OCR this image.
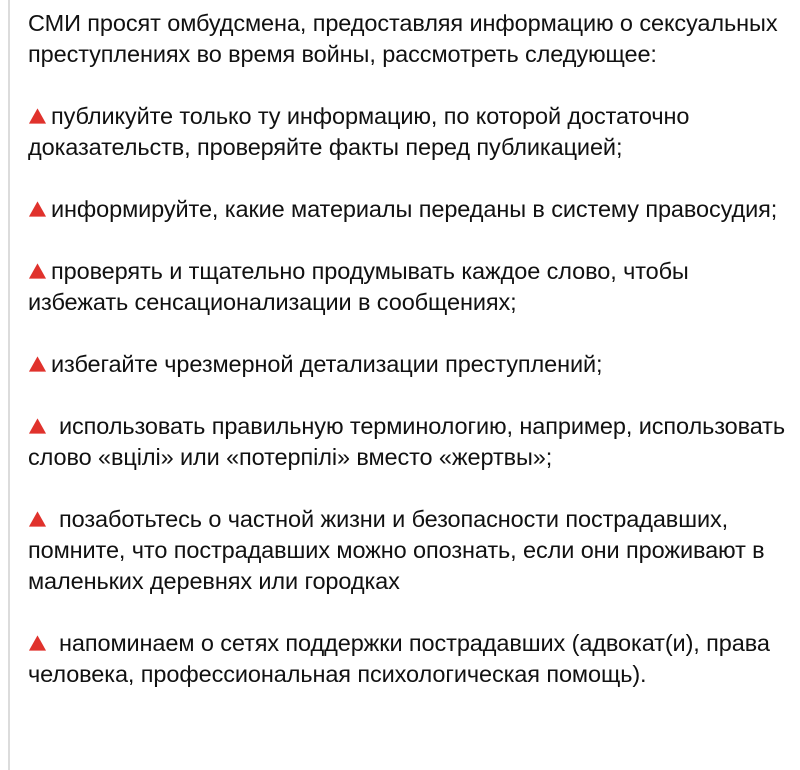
СМИ просят омбудсмена, предоставляя информацию о сексуальных преступлениях во время войны, рассмотреть следующее:
публикуйте только ту информацию, по которой достаточно доказательств, проверяйте факты перед публикацией;
информируйте, какие материалы переданы в систему правосудия;
проверять и тщательно продумывать каждое слово, чтобы избежать сенсационализации в сообщениях;
избегайте чрезмерной детализации преступлений;
использовать правильную терминологию, например, использовать слово «вцілі» или «потерпілі» вместо «жертвы»;
позаботьтесь о частной жизни и безопасности пострадавших, помните, что пострадавших можно опознать, если они проживают в маленьких деревнях или городках
напоминаем о сетях поддержки пострадавших (адвокат(и), права человека, профессиональная психологическая помощь).
